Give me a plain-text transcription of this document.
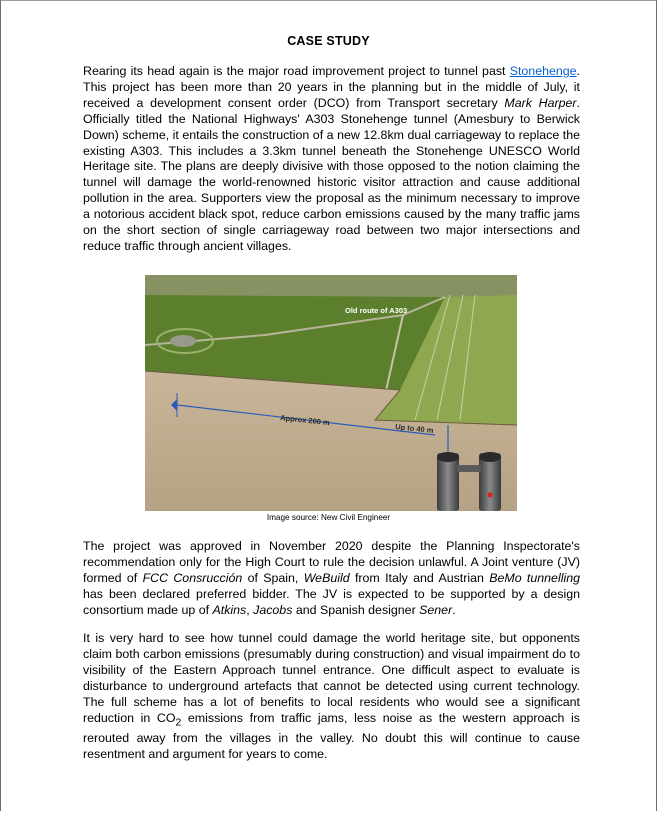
CASE STUDY

Rearing its head again is the major road improvement project to tunnel past Stonehenge. This project has been more than 20 years in the planning but in the middle of July, it received a development consent order (DCO) from Transport secretary Mark Harper. Officially titled the National Highways' A303 Stonehenge tunnel (Amesbury to Berwick Down) scheme, it entails the construction of a new 12.8km dual carriageway to replace the existing A303. This includes a 3.3km tunnel beneath the Stonehenge UNESCO World Heritage site. The plans are deeply divisive with those opposed to the notion claiming the tunnel will damage the world-renowned historic visitor attraction and cause additional pollution in the area. Supporters view the proposal as the minimum necessary to improve a notorious accident black spot, reduce carbon emissions caused by the many traffic jams on the short section of single carriageway road between two major intersections and reduce traffic through ancient villages.

Old route of A303
Approx 200 m
Up to 40 m
Image source: New Civil Engineer

The project was approved in November 2020 despite the Planning Inspectorate's recommendation only for the High Court to rule the decision unlawful. A Joint venture (JV) formed of FCC Consrucción of Spain, WeBuild from Italy and Austrian BeMo tunnelling has been declared preferred bidder. The JV is expected to be supported by a design consortium made up of Atkins, Jacobs and Spanish designer Sener.

It is very hard to see how tunnel could damage the world heritage site, but opponents claim both carbon emissions (presumably during construction) and visual impairment do to visibility of the Eastern Approach tunnel entrance. One difficult aspect to evaluate is disturbance to underground artefacts that cannot be detected using current technology. The full scheme has a lot of benefits to local residents who would see a significant reduction in $CO_2$ emissions from traffic jams, less noise as the western approach is rerouted away from the villages in the valley. No doubt this will continue to cause resentment and argument for years to come.
